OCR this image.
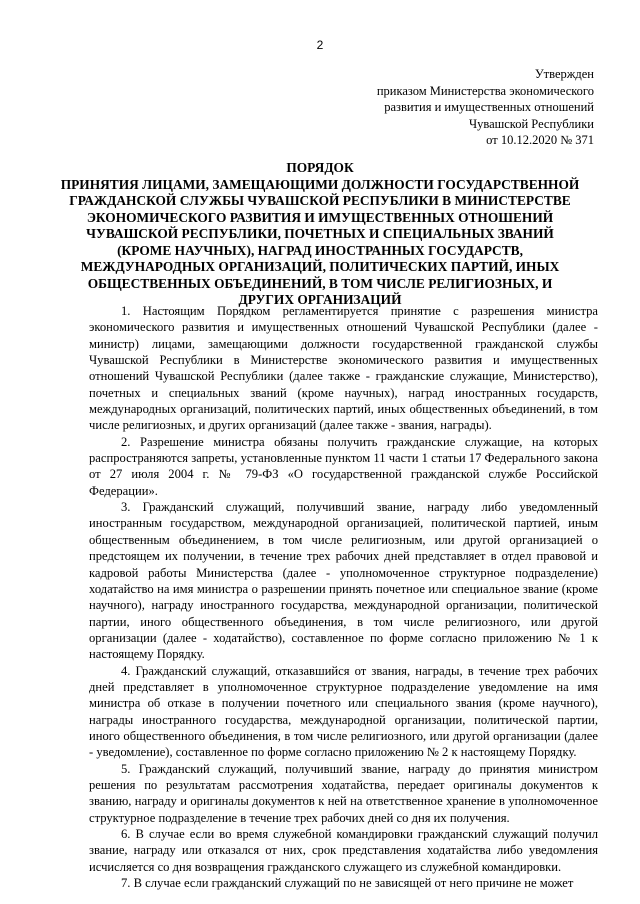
2
Утвержден
приказом Министерства экономического
развития и имущественных отношений
Чувашской Республики
от 10.12.2020 № 371
ПОРЯДОК
ПРИНЯТИЯ ЛИЦАМИ, ЗАМЕЩАЮЩИМИ ДОЛЖНОСТИ ГОСУДАРСТВЕННОЙ
ГРАЖДАНСКОЙ СЛУЖБЫ ЧУВАШСКОЙ РЕСПУБЛИКИ В МИНИСТЕРСТВЕ
ЭКОНОМИЧЕСКОГО РАЗВИТИЯ И ИМУЩЕСТВЕННЫХ ОТНОШЕНИЙ
ЧУВАШСКОЙ РЕСПУБЛИКИ, ПОЧЕТНЫХ И СПЕЦИАЛЬНЫХ ЗВАНИЙ
(КРОМЕ НАУЧНЫХ), НАГРАД ИНОСТРАННЫХ ГОСУДАРСТВ,
МЕЖДУНАРОДНЫХ ОРГАНИЗАЦИЙ, ПОЛИТИЧЕСКИХ ПАРТИЙ, ИНЫХ
ОБЩЕСТВЕННЫХ ОБЪЕДИНЕНИЙ, В ТОМ ЧИСЛЕ РЕЛИГИОЗНЫХ, И
ДРУГИХ ОРГАНИЗАЦИЙ

1. Настоящим Порядком регламентируется принятие с разрешения министра экономического развития и имущественных отношений Чувашской Республики (далее - министр) лицами, замещающими должности государственной гражданской службы Чувашской Республики в Министерстве экономического развития и имущественных отношений Чувашской Республики (далее также - гражданские служащие, Министерство), почетных и специальных званий (кроме научных), наград иностранных государств, международных организаций, политических партий, иных общественных объединений, в том числе религиозных, и других организаций (далее также - звания, награды).

2. Разрешение министра обязаны получить гражданские служащие, на которых распространяются запреты, установленные пунктом 11 части 1 статьи 17 Федерального закона от 27 июля 2004 г. № 79-ФЗ «О государственной гражданской службе Российской Федерации».

3. Гражданский служащий, получивший звание, награду либо уведомленный иностранным государством, международной организацией, политической партией, иным общественным объединением, в том числе религиозным, или другой организацией о предстоящем их получении, в течение трех рабочих дней представляет в отдел правовой и кадровой работы Министерства (далее - уполномоченное структурное подразделение) ходатайство на имя министра о разрешении принять почетное или специальное звание (кроме научного), награду иностранного государства, международной организации, политической партии, иного общественного объединения, в том числе религиозного, или другой организации (далее - ходатайство), составленное по форме согласно приложению № 1 к настоящему Порядку.

4. Гражданский служащий, отказавшийся от звания, награды, в течение трех рабочих дней представляет в уполномоченное структурное подразделение уведомление на имя министра об отказе в получении почетного или специального звания (кроме научного), награды иностранного государства, международной организации, политической партии, иного общественного объединения, в том числе религиозного, или другой организации (далее - уведомление), составленное по форме согласно приложению № 2 к настоящему Порядку.

5. Гражданский служащий, получивший звание, награду до принятия министром решения по результатам рассмотрения ходатайства, передает оригиналы документов к званию, награду и оригиналы документов к ней на ответственное хранение в уполномоченное структурное подразделение в течение трех рабочих дней со дня их получения.

6. В случае если во время служебной командировки гражданский служащий получил звание, награду или отказался от них, срок представления ходатайства либо уведомления исчисляется со дня возвращения гражданского служащего из служебной командировки.

7. В случае если гражданский служащий по не зависящей от него причине не может
